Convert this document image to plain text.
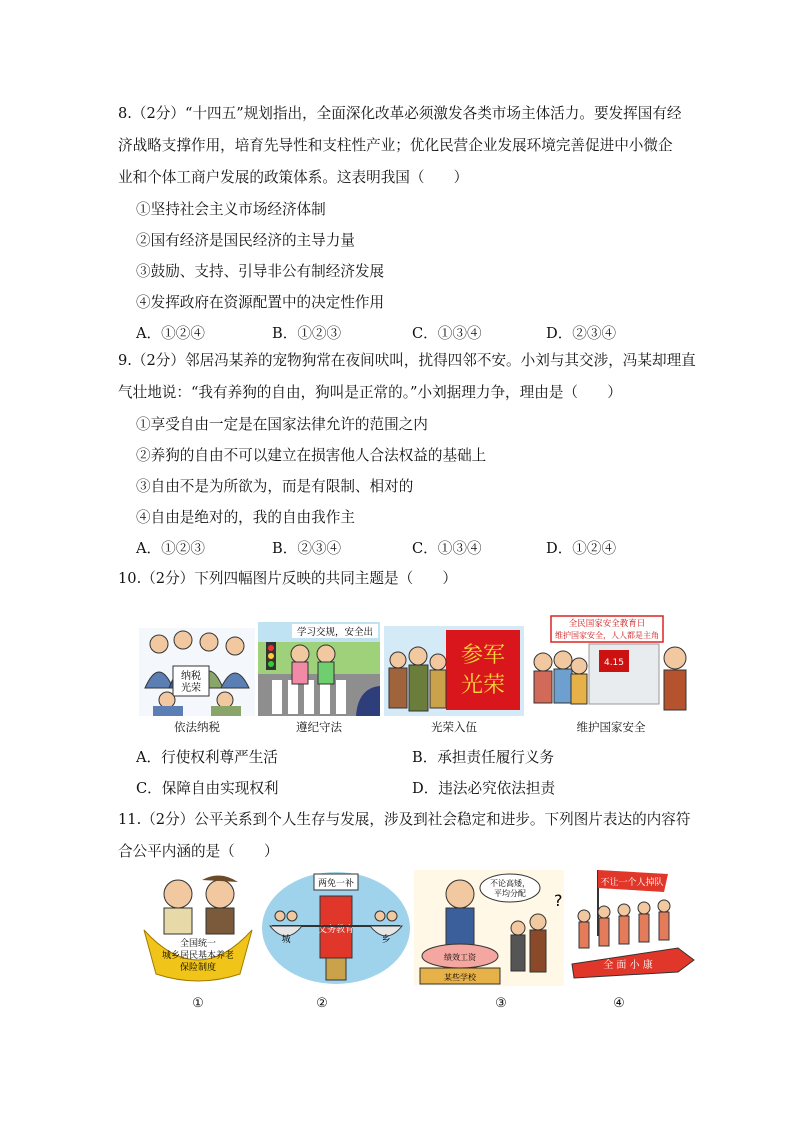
8.（2分）“十四五”规划指出，全面深化改革必须激发各类市场主体活力。要发挥国有经
济战略支撑作用，培育先导性和支柱性产业；优化民营企业发展环境完善促进中小微企
业和个体工商户发展的政策体系。这表明我国（　　）
①坚持社会主义市场经济体制
②国有经济是国民经济的主导力量
③鼓励、支持、引导非公有制经济发展
④发挥政府在资源配置中的决定性作用
A．①②④	B．①②③	C．①③④	D．②③④
9.（2分）邻居冯某养的宠物狗常在夜间吠叫，扰得四邻不安。小刘与其交涉，冯某却理直
气壮地说：“我有养狗的自由，狗叫是正常的。”小刘据理力争，理由是（　　）
①享受自由一定是在国家法律允许的范围之内
②养狗的自由不可以建立在损害他人合法权益的基础上
③自由不是为所欲为，而是有限制、相对的
④自由是绝对的，我的自由我作主
A．①②③	B．②③④	C．①③④	D．①②④
10.（2分）下列四幅图片反映的共同主题是（　　）
纳税
光荣
依法纳税
学习交规，安全出
遵纪守法
参军
光荣
光荣入伍
全民国家安全教育日
维护国家安全，人人都是主角
4.15
维护国家安全
A．行使权利尊严生活	B．承担责任履行义务
C．保障自由实现权利	D．违法必究依法担责
11.（2分）公平关系到个人生存与发展，涉及到社会稳定和进步。下列图片表达的内容符
合公平内涵的是（　　）
全国统一
城乡居民基本养老
保险制度
①
两免一补
义务教育
城	乡
②
不论高矮，
平均分配
绩效工资
某些学校
?
③
不让一个人掉队
全 面 小 康
④
